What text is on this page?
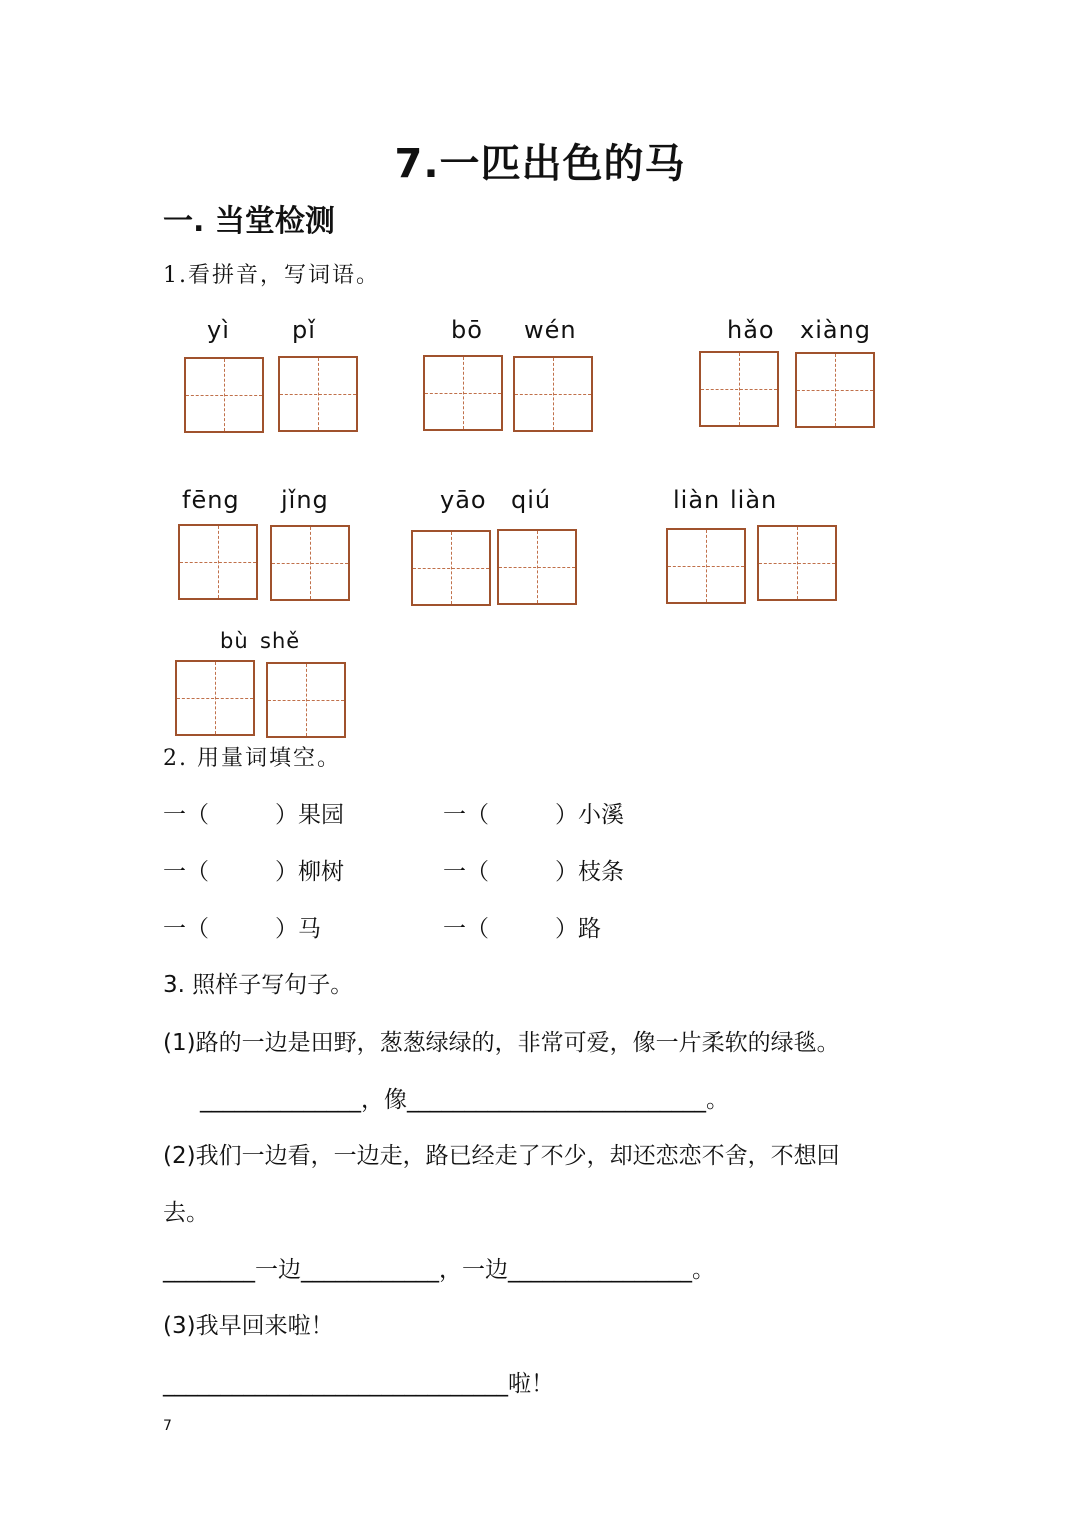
7.一匹出色的马
一. 当堂检测
1.看拼音，写词语。
yì	pǐ	bō wén	hǎo xiàng
fēng jǐng	yāo qiú	liàn liàn
bù shě
2. 用量词填空。
一（	）果园	一（	）小溪
一（	）柳树	一（	）枝条
一（	）马	一（	）路
3. 照样子写句子。
(1)路的一边是田野，葱葱绿绿的，非常可爱，像一片柔软的绿毯。
______________，像__________________________。
(2)我们一边看，一边走，路已经走了不少，却还恋恋不舍，不想回
去。
________一边____________，一边________________。
(3)我早回来啦！
______________________________啦！
7
